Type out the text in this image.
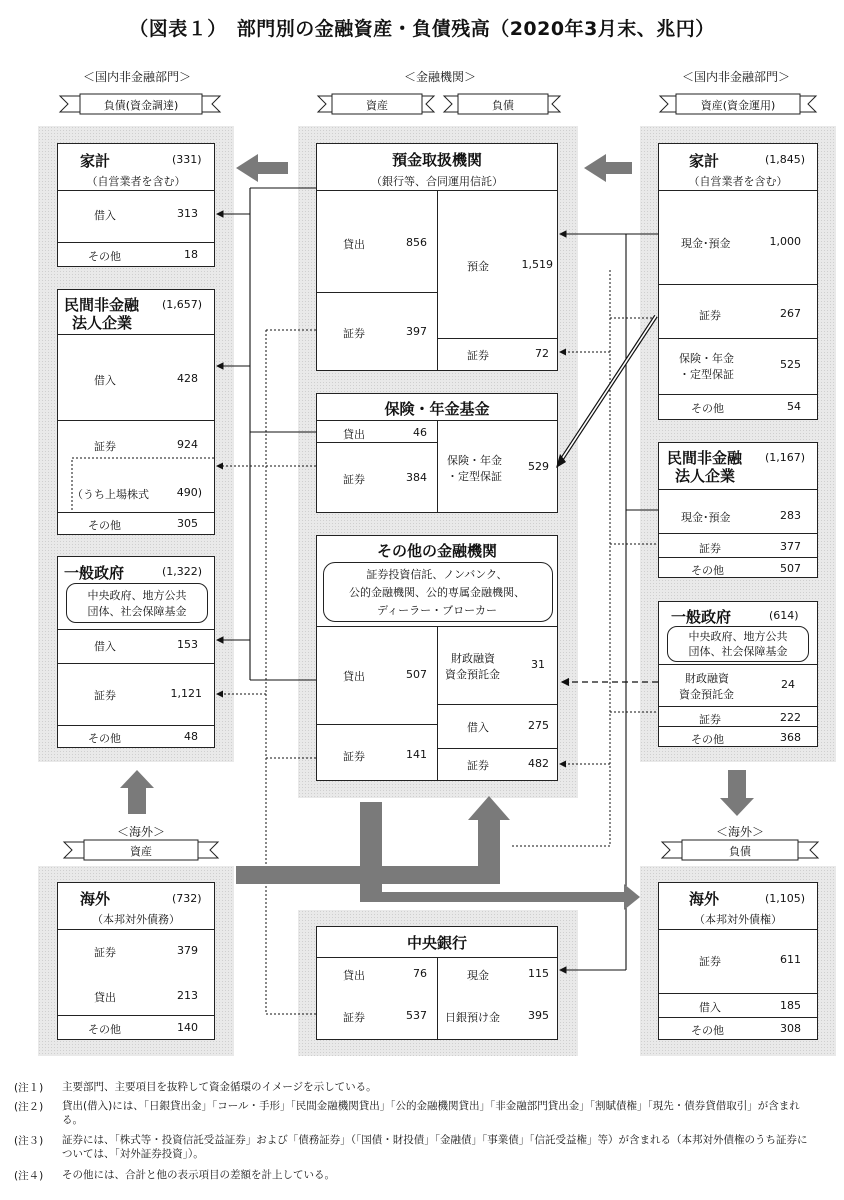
（図表１）　部門別の金融資産・負債残高（2020年3月末、兆円）
＜国内非金融部門＞	＜金融機関＞	＜国内非金融部門＞
負債(資金調達)	資産	負債	資産(資金運用)
＜海外＞
資産
＜海外＞
負債
家計	(331)
（自営業者を含む）
借入	313
その他	18
民間非金融
法人企業
(1,657)
借入	428
証券	924
（うち上場株式	490)
その他	305
一般政府	(1,322)
中央政府、地方公共
団体、社会保障基金
借入	153
証券	1,121
その他	48
海外	(732)
（本邦対外債務）
証券	379
貸出	213
その他	140
預金取扱機関
（銀行等、合同運用信託）
貸出	856
証券	397
預金	1,519
証券	72
保険・年金基金
貸出	46
証券	384
保険・年金
・定型保証
529
その他の金融機関
証券投資信託、ノンバンク、
公的金融機関、公的専属金融機関、
ディーラー・ブローカー
貸出	507
証券	141
財政融資
資金預託金
31
借入	275
証券	482
中央銀行
貸出	76
証券	537
現金	115
日銀預け金	395
家計	(1,845)
（自営業者を含む）
現金･預金	1,000
証券	267
保険・年金
・定型保証
525
その他	54
民間非金融
法人企業
(1,167)
現金･預金	283
証券	377
その他	507
一般政府	(614)
中央政府、地方公共
団体、社会保障基金
財政融資
資金預託金
24
証券	222
その他	368
海外	(1,105)
（本邦対外債権）
証券	611
借入	185
その他	308
(注１) 主要部門、主要項目を抜粋して資金循環のイメージを示している。
(注２) 貸出(借入)には、「日銀貸出金」「コール・手形」「民間金融機関貸出」「公的金融機関貸出」「非金融部門貸出金」「割賦債権」「現先・債券貸借取引」が含まれる。
(注３) 証券には、「株式等・投資信託受益証券」および「債務証券」（「国債・財投債」「金融債」「事業債」「信託受益権」等）が含まれる（本邦対外債権のうち証券については、「対外証券投資」）。
(注４) その他には、合計と他の表示項目の差額を計上している。
